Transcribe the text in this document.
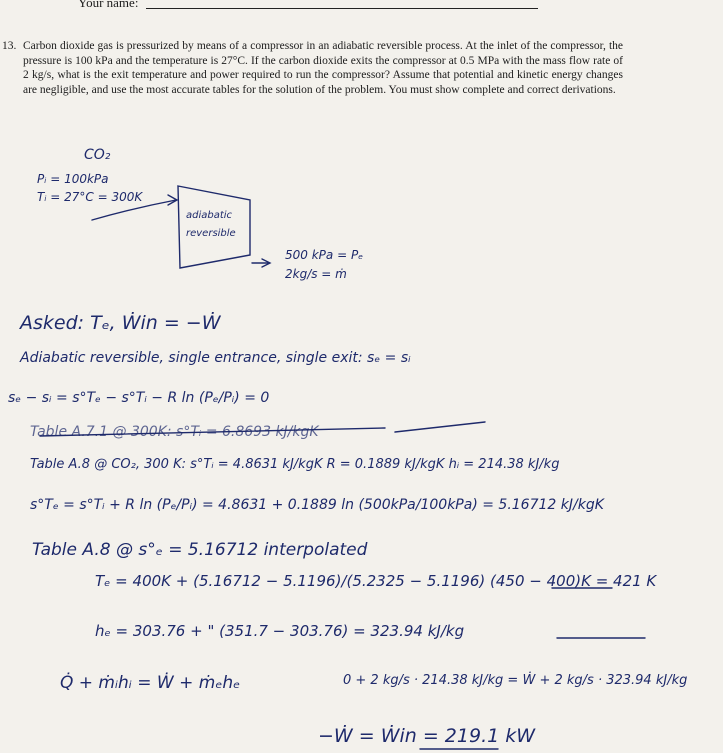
Your name:
13. Carbon dioxide gas is pressurized by means of a compressor in an adiabatic reversible process. At the inlet of the compressor, the pressure is 100 kPa and the temperature is 27°C. If the carbon dioxide exits the compressor at 0.5 MPa with the mass flow rate of 2 kg/s, what is the exit temperature and power required to run the compressor? Assume that potential and kinetic energy changes are negligible, and use the most accurate tables for the solution of the problem. You must show complete and correct derivations.
CO₂
Pᵢ = 100kPa
Tᵢ = 27°C = 300K
adiabatic
reversible
500 kPa = Pₑ
2kg/s = ṁ
Asked: Tₑ, Ẇin = −Ẇ
Adiabatic reversible, single entrance, single exit: sₑ = sᵢ
sₑ − sᵢ = s°Tₑ − s°Tᵢ − R ln (Pₑ/Pᵢ) = 0
Table A.7.1 @ 300K: s°Tᵢ = 6.8693 kJ/kgK
Table A.8 @ CO₂, 300 K: s°Tᵢ = 4.8631 kJ/kgK R = 0.1889 kJ/kgK hᵢ = 214.38 kJ/kg
s°Tₑ = s°Tᵢ + R ln (Pₑ/Pᵢ) = 4.8631 + 0.1889 ln (500kPa/100kPa) = 5.16712 kJ/kgK
Table A.8 @ s°ₑ = 5.16712 interpolated
Tₑ = 400K + (5.16712 − 5.1196)/(5.2325 − 5.1196) (450 − 400)K = 421 K
hₑ = 303.76 + " (351.7 − 303.76) = 323.94 kJ/kg
Q̇ + ṁᵢhᵢ = Ẇ + ṁₑhₑ	0 + 2 kg/s · 214.38 kJ/kg = Ẇ + 2 kg/s · 323.94 kJ/kg
−Ẇ = Ẇin = 219.1 kW
